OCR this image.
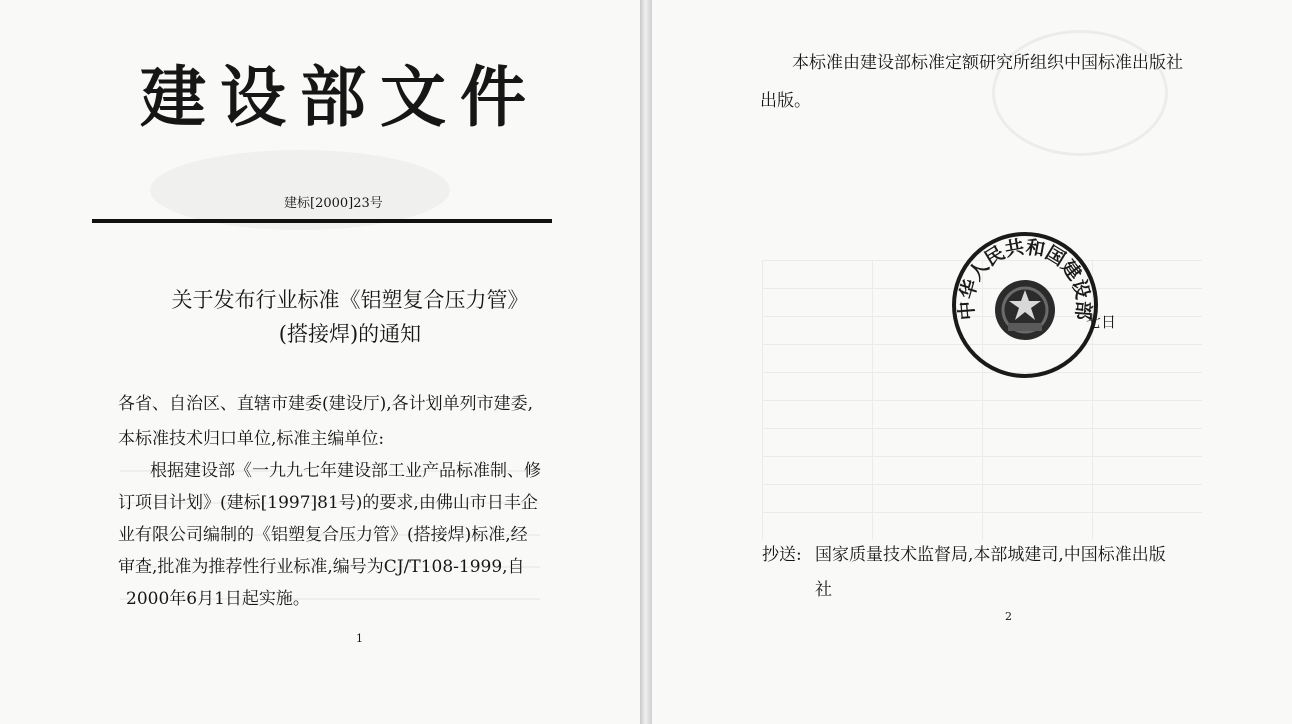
建设部文件
建标[2000]23号
关于发布行业标准《铝塑复合压力管》
(搭接焊)的通知
各省、自治区、直辖市建委(建设厅),各计划单列市建委,
本标准技术归口单位,标准主编单位:
根据建设部《一九九七年建设部工业产品标准制、修
订项目计划》(建标[1997]81号)的要求,由佛山市日丰企
业有限公司编制的《铝塑复合压力管》(搭接焊)标准,经
审查,批准为推荐性行业标准,编号为CJ/T108-1999,自
2000年6月1日起实施。
1
本标准由建设部标准定额研究所组织中国标准出版社
出版。
中华人民共和国建设部
七日
抄送: 国家质量技术监督局,本部城建司,中国标准出版
社
2
